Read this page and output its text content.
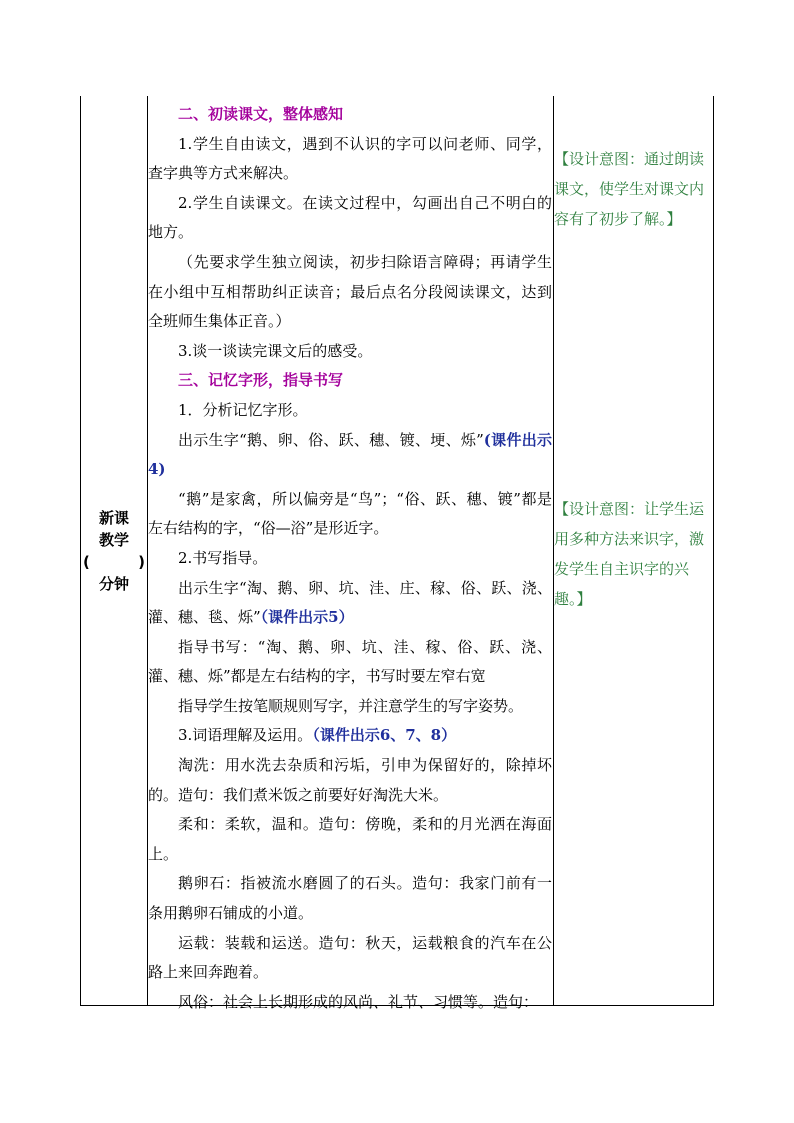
新课
教学
(	)
分钟

二、初读课文，整体感知

1.学生自由读文，遇到不认识的字可以问老师、同学，查字典等方式来解决。

2.学生自读课文。在读文过程中，勾画出自己不明白的地方。

（先要求学生独立阅读，初步扫除语言障碍；再请学生在小组中互相帮助纠正读音；最后点名分段阅读课文，达到全班师生集体正音。）

3.谈一谈读完课文后的感受。

三、记忆字形，指导书写

1．分析记忆字形。

出示生字“鹅、卵、俗、跃、穗、镀、埂、烁”(课件出示4)

“鹅”是家禽，所以偏旁是“鸟”；“俗、跃、穗、镀”都是左右结构的字，“俗—浴”是形近字。

2.书写指导。

出示生字“淘、鹅、卵、坑、洼、庄、稼、俗、跃、浇、灌、穗、毯、烁”（课件出示5）

指导书写：“淘、鹅、卵、坑、洼、稼、俗、跃、浇、灌、穗、烁”都是左右结构的字，书写时要左窄右宽

指导学生按笔顺规则写字，并注意学生的写字姿势。

3.词语理解及运用。（课件出示6、7、8）

淘洗：用水洗去杂质和污垢，引申为保留好的，除掉坏的。造句：我们煮米饭之前要好好淘洗大米。

柔和：柔软，温和。造句：傍晚，柔和的月光洒在海面上。

鹅卵石：指被流水磨圆了的石头。造句：我家门前有一条用鹅卵石铺成的小道。

运载：装载和运送。造句：秋天，运载粮食的汽车在公路上来回奔跑着。

风俗：社会上长期形成的风尚、礼节、习惯等。造句：

【设计意图：通过朗读课文，使学生对课文内容有了初步了解。】
【设计意图：让学生运用多种方法来识字，激发学生自主识字的兴趣。】
